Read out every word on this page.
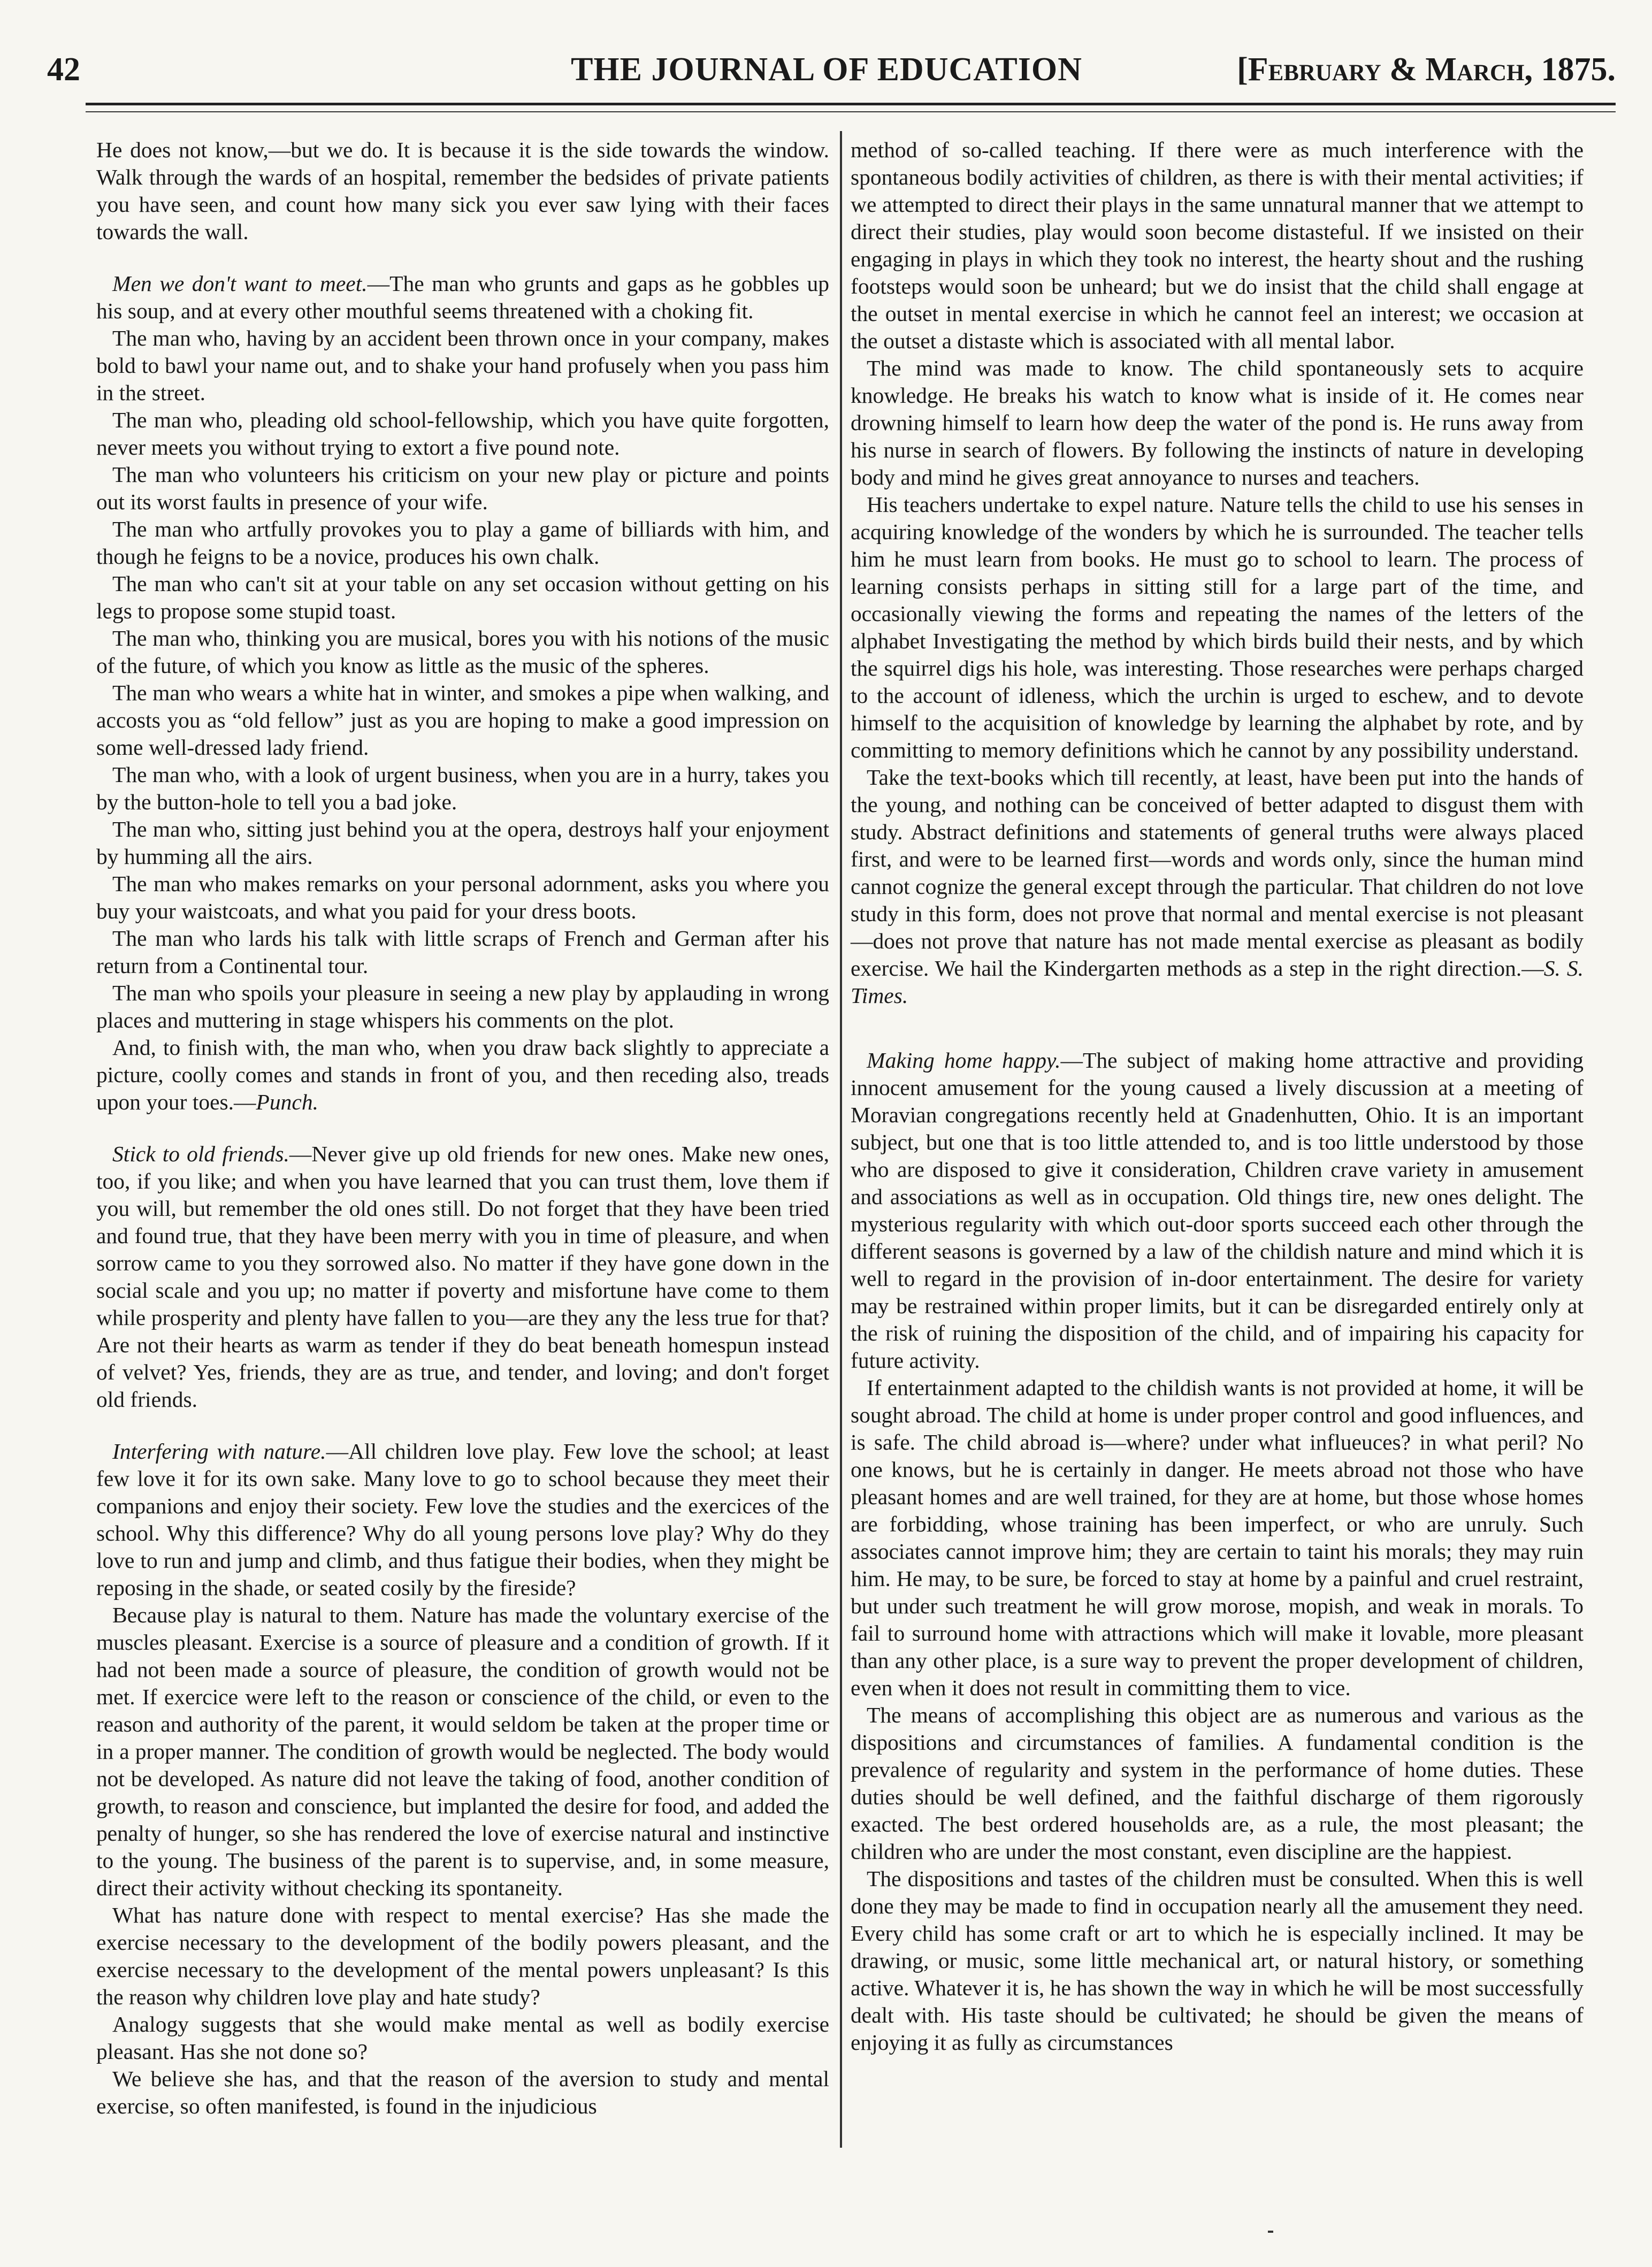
42	THE JOURNAL OF EDUCATION	[February & March, 1875.

He does not know,—but we do. It is because it is the side towards the window. Walk through the wards of an hospital, remember the bedsides of private patients you have seen, and count how many sick you ever saw lying with their faces towards the wall.

Men we don't want to meet.—The man who grunts and gaps as he gobbles up his soup, and at every other mouthful seems threatened with a choking fit.

The man who, having by an accident been thrown once in your company, makes bold to bawl your name out, and to shake your hand profusely when you pass him in the street.

The man who, pleading old school-fellowship, which you have quite forgotten, never meets you without trying to extort a five pound note.

The man who volunteers his criticism on your new play or picture and points out its worst faults in presence of your wife.

The man who artfully provokes you to play a game of billiards with him, and though he feigns to be a novice, produces his own chalk.

The man who can't sit at your table on any set occasion without getting on his legs to propose some stupid toast.

The man who, thinking you are musical, bores you with his notions of the music of the future, of which you know as little as the music of the spheres.

The man who wears a white hat in winter, and smokes a pipe when walking, and accosts you as “old fellow” just as you are hoping to make a good impression on some well-dressed lady friend.

The man who, with a look of urgent business, when you are in a hurry, takes you by the button-hole to tell you a bad joke.

The man who, sitting just behind you at the opera, destroys half your enjoyment by humming all the airs.

The man who makes remarks on your personal adornment, asks you where you buy your waistcoats, and what you paid for your dress boots.

The man who lards his talk with little scraps of French and German after his return from a Continental tour.

The man who spoils your pleasure in seeing a new play by applauding in wrong places and muttering in stage whispers his comments on the plot.

And, to finish with, the man who, when you draw back slightly to appreciate a picture, coolly comes and stands in front of you, and then receding also, treads upon your toes.—Punch.

Stick to old friends.—Never give up old friends for new ones. Make new ones, too, if you like; and when you have learned that you can trust them, love them if you will, but remember the old ones still. Do not forget that they have been tried and found true, that they have been merry with you in time of pleasure, and when sorrow came to you they sorrowed also. No matter if they have gone down in the social scale and you up; no matter if poverty and misfortune have come to them while prosperity and plenty have fallen to you—are they any the less true for that? Are not their hearts as warm as tender if they do beat beneath homespun instead of velvet? Yes, friends, they are as true, and tender, and loving; and don't forget old friends.

Interfering with nature.—All children love play. Few love the school; at least few love it for its own sake. Many love to go to school because they meet their companions and enjoy their society. Few love the studies and the exercices of the school. Why this difference? Why do all young persons love play? Why do they love to run and jump and climb, and thus fatigue their bodies, when they might be reposing in the shade, or seated cosily by the fireside?

Because play is natural to them. Nature has made the voluntary exercise of the muscles pleasant. Exercise is a source of pleasure and a condition of growth. If it had not been made a source of pleasure, the condition of growth would not be met. If exercice were left to the reason or conscience of the child, or even to the reason and authority of the parent, it would seldom be taken at the proper time or in a proper manner. The condition of growth would be neglected. The body would not be developed. As nature did not leave the taking of food, another condition of growth, to reason and conscience, but implanted the desire for food, and added the penalty of hunger, so she has rendered the love of exercise natural and instinctive to the young. The business of the parent is to supervise, and, in some measure, direct their activity without checking its spontaneity.

What has nature done with respect to mental exercise? Has she made the exercise necessary to the development of the bodily powers pleasant, and the exercise necessary to the development of the mental powers unpleasant? Is this the reason why children love play and hate study?

Analogy suggests that she would make mental as well as bodily exercise pleasant. Has she not done so?

We believe she has, and that the reason of the aversion to study and mental exercise, so often manifested, is found in the injudicious

method of so-called teaching. If there were as much interference with the spontaneous bodily activities of children, as there is with their mental activities; if we attempted to direct their plays in the same unnatural manner that we attempt to direct their studies, play would soon become distasteful. If we insisted on their engaging in plays in which they took no interest, the hearty shout and the rushing footsteps would soon be unheard; but we do insist that the child shall engage at the outset in mental exercise in which he cannot feel an interest; we occasion at the outset a distaste which is associated with all mental labor.

The mind was made to know. The child spontaneously sets to acquire knowledge. He breaks his watch to know what is inside of it. He comes near drowning himself to learn how deep the water of the pond is. He runs away from his nurse in search of flowers. By following the instincts of nature in developing body and mind he gives great annoyance to nurses and teachers.

His teachers undertake to expel nature. Nature tells the child to use his senses in acquiring knowledge of the wonders by which he is surrounded. The teacher tells him he must learn from books. He must go to school to learn. The process of learning consists perhaps in sitting still for a large part of the time, and occasionally viewing the forms and repeating the names of the letters of the alphabet Investigating the method by which birds build their nests, and by which the squirrel digs his hole, was interesting. Those researches were perhaps charged to the account of idleness, which the urchin is urged to eschew, and to devote himself to the acquisition of knowledge by learning the alphabet by rote, and by committing to memory definitions which he cannot by any possibility understand.

Take the text-books which till recently, at least, have been put into the hands of the young, and nothing can be conceived of better adapted to disgust them with study. Abstract definitions and statements of general truths were always placed first, and were to be learned first—words and words only, since the human mind cannot cognize the general except through the particular. That children do not love study in this form, does not prove that normal and mental exercise is not pleasant—does not prove that nature has not made mental exercise as pleasant as bodily exercise. We hail the Kindergarten methods as a step in the right direction.—S. S. Times.

Making home happy.—The subject of making home attractive and providing innocent amusement for the young caused a lively discussion at a meeting of Moravian congregations recently held at Gnadenhutten, Ohio. It is an important subject, but one that is too little attended to, and is too little understood by those who are disposed to give it consideration, Children crave variety in amusement and associations as well as in occupation. Old things tire, new ones delight. The mysterious regularity with which out-door sports succeed each other through the different seasons is governed by a law of the childish nature and mind which it is well to regard in the provision of in-door entertainment. The desire for variety may be restrained within proper limits, but it can be disregarded entirely only at the risk of ruining the disposition of the child, and of impairing his capacity for future activity.

If entertainment adapted to the childish wants is not provided at home, it will be sought abroad. The child at home is under proper control and good influences, and is safe. The child abroad is—where? under what influeuces? in what peril? No one knows, but he is certainly in danger. He meets abroad not those who have pleasant homes and are well trained, for they are at home, but those whose homes are forbidding, whose training has been imperfect, or who are unruly. Such associates cannot improve him; they are certain to taint his morals; they may ruin him. He may, to be sure, be forced to stay at home by a painful and cruel restraint, but under such treatment he will grow morose, mopish, and weak in morals. To fail to surround home with attractions which will make it lovable, more pleasant than any other place, is a sure way to prevent the proper development of children, even when it does not result in committing them to vice.

The means of accomplishing this object are as numerous and various as the dispositions and circumstances of families. A fundamental condition is the prevalence of regularity and system in the performance of home duties. These duties should be well defined, and the faithful discharge of them rigorously exacted. The best ordered households are, as a rule, the most pleasant; the children who are under the most constant, even discipline are the happiest.

The dispositions and tastes of the children must be consulted. When this is well done they may be made to find in occupation nearly all the amusement they need. Every child has some craft or art to which he is especially inclined. It may be drawing, or music, some little mechanical art, or natural history, or something active. Whatever it is, he has shown the way in which he will be most successfully dealt with. His taste should be cultivated; he should be given the means of enjoying it as fully as circumstances
